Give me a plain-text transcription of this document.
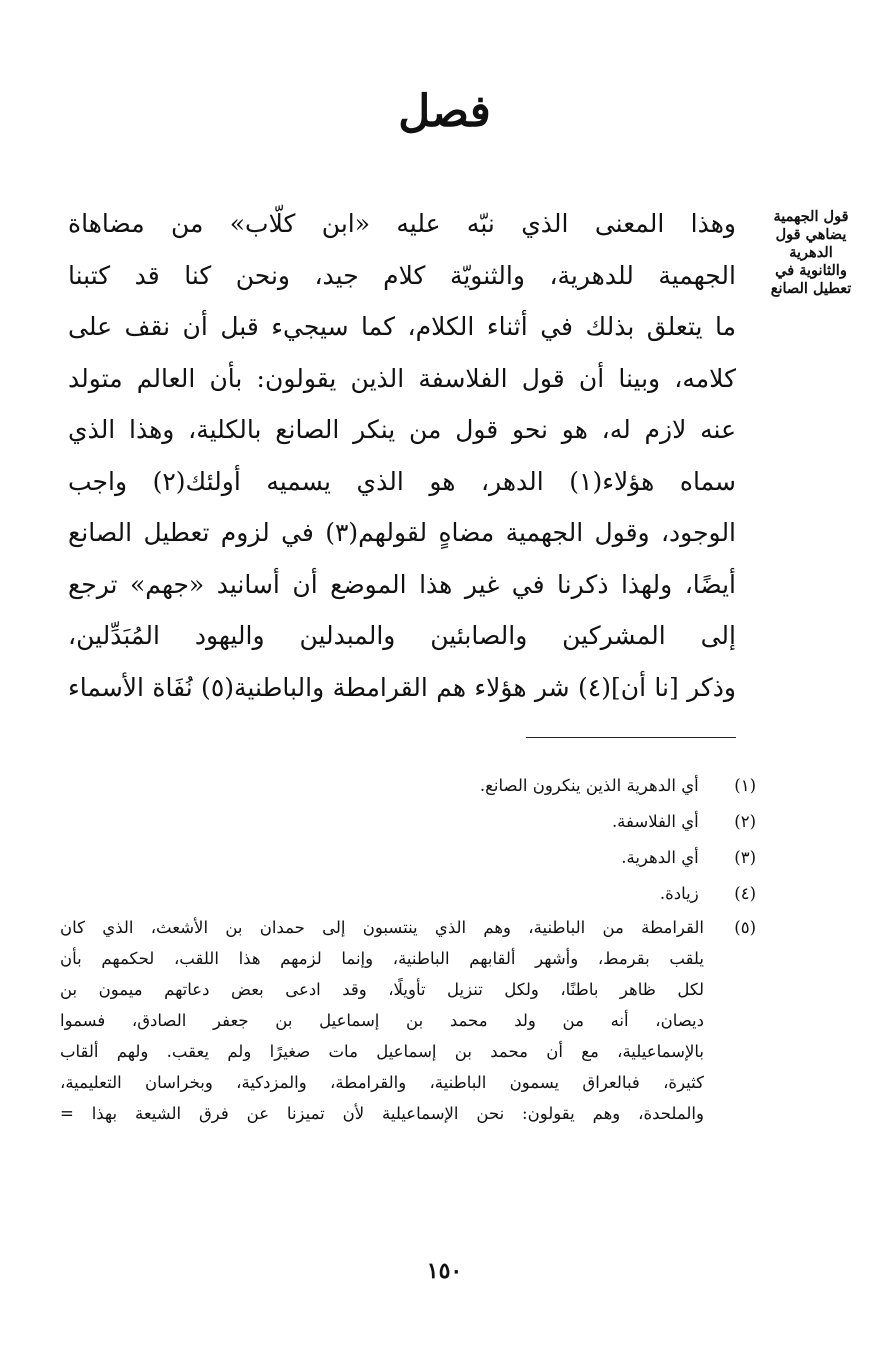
فصل
قول الجهمية
يضاهي قول
الدهرية
والثانوية في
تعطيل الصانع
وهذا المعنى الذي نبّه عليه «ابن كلّاب» من مضاهاة
الجهمية للدهرية، والثنويّة كلام جيد، ونحن كنا قد كتبنا
ما يتعلق بذلك في أثناء الكلام، كما سيجيء قبل أن نقف على
كلامه، وبينا أن قول الفلاسفة الذين يقولون: بأن العالم متولد
عنه لازم له، هو نحو قول من ينكر الصانع بالكلية، وهذا الذي
سماه هؤلاء(١) الدهر، هو الذي يسميه أولئك(٢) واجب
الوجود، وقول الجهمية مضاهٍ لقولهم(٣) في لزوم تعطيل الصانع
أيضًا، ولهذا ذكرنا في غير هذا الموضع أن أسانيد «جهم» ترجع
إلى المشركين والصابئين والمبدلين واليهود المُبَدِّلين،
وذكر [نا أن](٤) شر هؤلاء هم القرامطة والباطنية(٥) نُفَاة الأسماء
(١) أي الدهرية الذين ينكرون الصانع.
(٢) أي الفلاسفة.
(٣) أي الدهرية.
(٤) زيادة.
(٥)
القرامطة من الباطنية، وهم الذي ينتسبون إلى حمدان بن الأشعث، الذي كان
يلقب بقرمط، وأشهر ألقابهم الباطنية، وإنما لزمهم هذا اللقب، لحكمهم بأن
لكل ظاهر باطنًا، ولكل تنزيل تأويلًا، وقد ادعى بعض دعاتهم ميمون بن
ديصان، أنه من ولد محمد بن إسماعيل بن جعفر الصادق، فسموا
بالإسماعيلية، مع أن محمد بن إسماعيل مات صغيرًا ولم يعقب. ولهم ألقاب
كثيرة، فبالعراق يسمون الباطنية، والقرامطة، والمزدكية، وبخراسان التعليمية،
والملحدة، وهم يقولون: نحن الإسماعيلية لأن تميزنا عن فرق الشيعة بهذا =
١٥٠
